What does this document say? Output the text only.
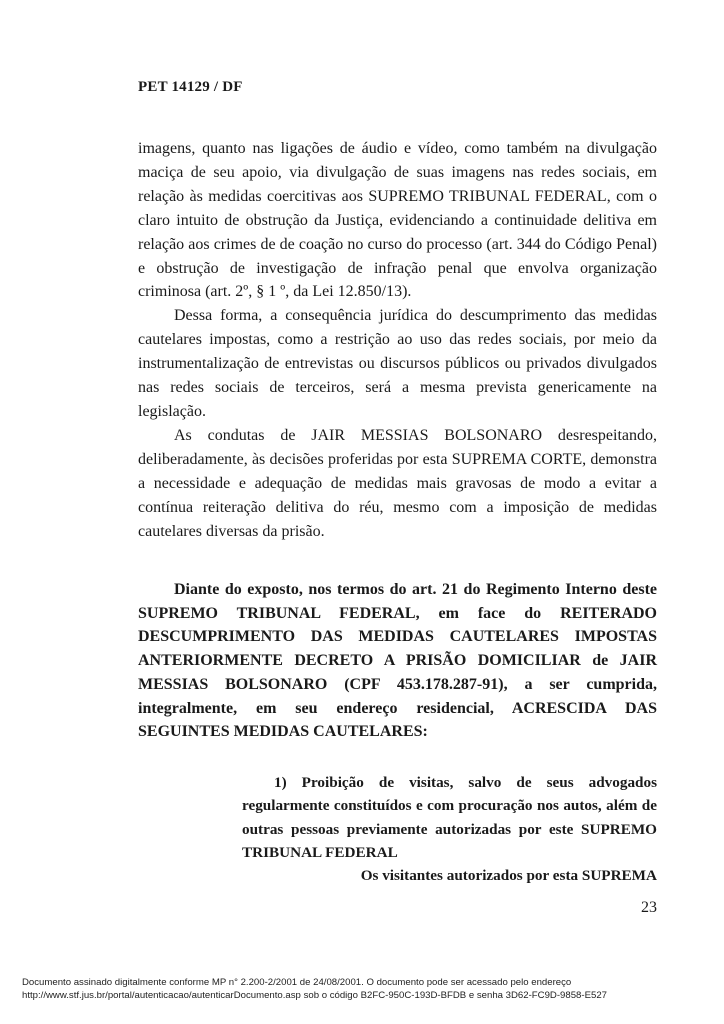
PET 14129 / DF

imagens, quanto nas ligações de áudio e vídeo, como também na divulgação maciça de seu apoio, via divulgação de suas imagens nas redes sociais, em relação às medidas coercitivas aos SUPREMO TRIBUNAL FEDERAL, com o claro intuito de obstrução da Justiça, evidenciando a continuidade delitiva em relação aos crimes de de coação no curso do processo (art. 344 do Código Penal) e obstrução de investigação de infração penal que envolva organização criminosa (art. 2º, § 1 º, da Lei 12.850/13).

Dessa forma, a consequência jurídica do descumprimento das medidas cautelares impostas, como a restrição ao uso das redes sociais, por meio da instrumentalização de entrevistas ou discursos públicos ou privados divulgados nas redes sociais de terceiros, será a mesma prevista genericamente na legislação.

As condutas de JAIR MESSIAS BOLSONARO desrespeitando, deliberadamente, às decisões proferidas por esta SUPREMA CORTE, demonstra a necessidade e adequação de medidas mais gravosas de modo a evitar a contínua reiteração delitiva do réu, mesmo com a imposição de medidas cautelares diversas da prisão.

Diante do exposto, nos termos do art. 21 do Regimento Interno deste SUPREMO TRIBUNAL FEDERAL, em face do REITERADO DESCUMPRIMENTO DAS MEDIDAS CAUTELARES IMPOSTAS ANTERIORMENTE DECRETO A PRISÃO DOMICILIAR de JAIR MESSIAS BOLSONARO (CPF 453.178.287-91), a ser cumprida, integralmente, em seu endereço residencial, ACRESCIDA DAS SEGUINTES MEDIDAS CAUTELARES:

1) Proibição de visitas, salvo de seus advogados regularmente constituídos e com procuração nos autos, além de outras pessoas previamente autorizadas por este SUPREMO TRIBUNAL FEDERAL

Os visitantes autorizados por esta SUPREMA
23
Documento assinado digitalmente conforme MP n° 2.200-2/2001 de 24/08/2001. O documento pode ser acessado pelo endereço
http://www.stf.jus.br/portal/autenticacao/autenticarDocumento.asp sob o código B2FC-950C-193D-BFDB e senha 3D62-FC9D-9858-E527
